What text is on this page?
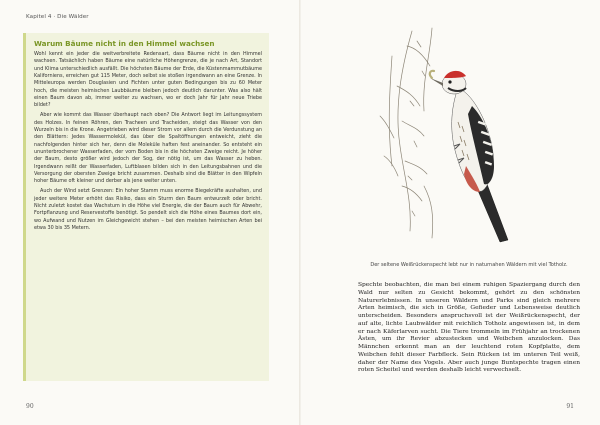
Kapitel 4 · Die Wälder
Warum Bäume nicht in den Himmel wachsen

Wohl kennt ein jeder die weitverbreitete Redensart, dass Bäume nicht in den Himmel wachsen. Tatsächlich haben Bäume eine natürliche Höhengrenze, die je nach Art, Standort und Klima unterschiedlich ausfällt. Die höchsten Bäume der Erde, die Küstenmammutbäume Kaliforniens, erreichen gut 115 Meter, doch selbst sie stoßen irgendwann an eine Grenze. In Mitteleuropa werden Douglasien und Fichten unter guten Bedingungen bis zu 60 Meter hoch, die meisten heimischen Laubbäume bleiben jedoch deutlich darunter. Was also hält einen Baum davon ab, immer weiter zu wachsen, wo er doch Jahr für Jahr neue Triebe bildet?

Aber wie kommt das Wasser überhaupt nach oben? Die Antwort liegt im Leitungssystem des Holzes. In feinen Röhren, den Tracheen und Tracheiden, steigt das Wasser von den Wurzeln bis in die Krone. Angetrieben wird dieser Strom vor allem durch die Verdunstung an den Blättern: Jedes Wassermolekül, das über die Spaltöffnungen entweicht, zieht die nachfolgenden hinter sich her, denn die Moleküle haften fest aneinander. So entsteht ein ununterbrochener Wasserfaden, der vom Boden bis in die höchsten Zweige reicht. Je höher der Baum, desto größer wird jedoch der Sog, der nötig ist, um das Wasser zu heben. Irgendwann reißt der Wasserfaden, Luftblasen bilden sich in den Leitungsbahnen und die Versorgung der obersten Zweige bricht zusammen. Deshalb sind die Blätter in den Wipfeln hoher Bäume oft kleiner und derber als jene weiter unten.

Auch der Wind setzt Grenzen: Ein hoher Stamm muss enorme Biegekräfte aushalten, und jeder weitere Meter erhöht das Risiko, dass ein Sturm den Baum entwurzelt oder bricht. Nicht zuletzt kostet das Wachstum in die Höhe viel Energie, die der Baum auch für Abwehr, Fortpflanzung und Reservestoffe benötigt. So pendelt sich die Höhe eines Baumes dort ein, wo Aufwand und Nutzen im Gleichgewicht stehen – bei den meisten heimischen Arten bei etwa 30 bis 35 Metern.

90
Der seltene Weißrückenspecht lebt nur in naturnahen Wäldern mit viel Totholz.

Spechte beobachten, die man bei einem ruhigen Spaziergang durch den Wald nur selten zu Gesicht bekommt, gehört zu den schönsten Naturerlebnissen. In unseren Wäldern und Parks sind gleich mehrere Arten heimisch, die sich in Größe, Gefieder und Lebensweise deutlich unterscheiden. Besonders anspruchsvoll ist der Weißrückenspecht, der auf alte, lichte Laubwälder mit reichlich Totholz angewiesen ist, in dem er nach Käferlarven sucht. Die Tiere trommeln im Frühjahr an trockenen Ästen, um ihr Revier abzustecken und Weibchen anzulocken. Das Männchen erkennt man an der leuchtend roten Kopfplatte, dem Weibchen fehlt dieser Farbfleck. Sein Rücken ist im unteren Teil weiß, daher der Name des Vogels. Aber auch junge Buntspechte tragen einen roten Scheitel und werden deshalb leicht verwechselt.

91
